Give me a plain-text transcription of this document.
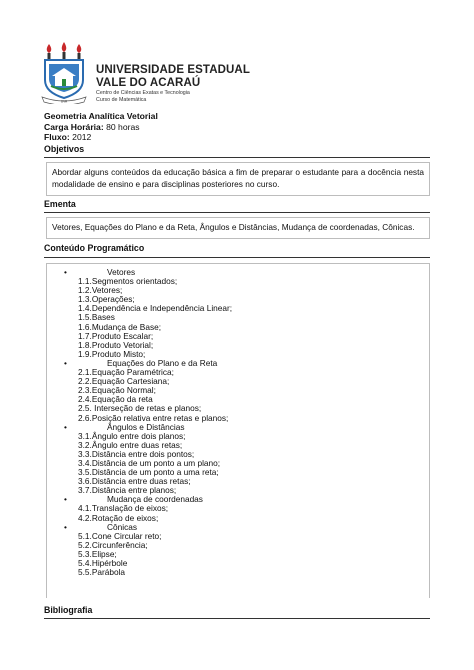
UVA
UNIVERSIDADE ESTADUAL
VALE DO ACARAÚ
Centro de Ciências Exatas e Tecnologia
Curso de Matemática
Geometria Analítica Vetorial
Carga Horária: 80 horas
Fluxo: 2012
Objetivos
Abordar alguns conteúdos da educação básica a fim de preparar o estudante para a docência nesta modalidade de ensino e para disciplinas posteriores no curso.
Ementa
Vetores, Equações do Plano e da Reta, Ângulos e Distâncias, Mudança de coordenadas, Cônicas.
Conteúdo Programático
•	Vetores
1.1.Segmentos orientados;
1.2.Vetores;
1.3.Operações;
1.4.Dependência e Independência Linear;
1.5.Bases
1.6.Mudança de Base;
1.7.Produto Escalar;
1.8.Produto Vetorial;
1.9.Produto Misto;
•	Equações do Plano e da Reta
2.1.Equação Paramétrica;
2.2.Equação Cartesiana;
2.3.Equação Normal;
2.4.Equação da reta
2.5. Interseção de retas e planos;
2.6.Posição relativa entre retas e planos;
•	Ângulos e Distâncias
3.1.Ângulo entre dois planos;
3.2.Ângulo entre duas retas;
3.3.Distância entre dois pontos;
3.4.Distância de um ponto a um plano;
3.5.Distância de um ponto a uma reta;
3.6.Distância entre duas retas;
3.7.Distância entre planos;
•	Mudança de coordenadas
4.1.Translação de eixos;
4.2.Rotação de eixos;
•	Cônicas
5.1.Cone Circular reto;
5.2.Circunferência;
5.3.Elipse;
5.4.Hipérbole
5.5.Parábola
Bibliografia
